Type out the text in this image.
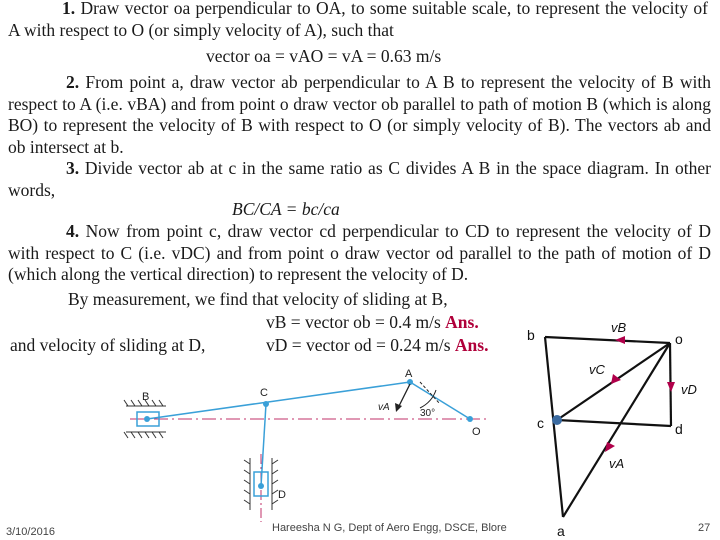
1. Draw vector oa perpendicular to OA, to some suitable scale, to represent the velocity of A with respect to O (or simply velocity of A), such that
vector oa = vAO = vA = 0.63 m/s
2. From point a, draw vector ab perpendicular to A B to represent the velocity of B with respect to A (i.e. vBA) and from point o draw vector ob parallel to path of motion B (which is along BO) to represent the velocity of B with respect to O (or simply velocity of B). The vectors ab and ob intersect at b.
3. Divide vector ab at c in the same ratio as C divides A B in the space diagram. In other words,
BC/CA = bc/ca
4. Now from point c, draw vector cd perpendicular to CD to represent the velocity of D with respect to C (i.e. vDC) and from point o draw vector od parallel to the path of motion of D (which along the vertical direction) to represent the velocity of D.
By measurement, we find that velocity of sliding at B,
vB = vector ob = 0.4 m/s Ans.
and velocity of sliding at D,	vD = vector od = 0.24 m/s Ans.
B	C
A
O
D
vA
30°
b	o
c	d
a
vB
vC
vD
vA
3/10/2016	Hareesha N G, Dept of Aero Engg, DSCE, Blore	27
